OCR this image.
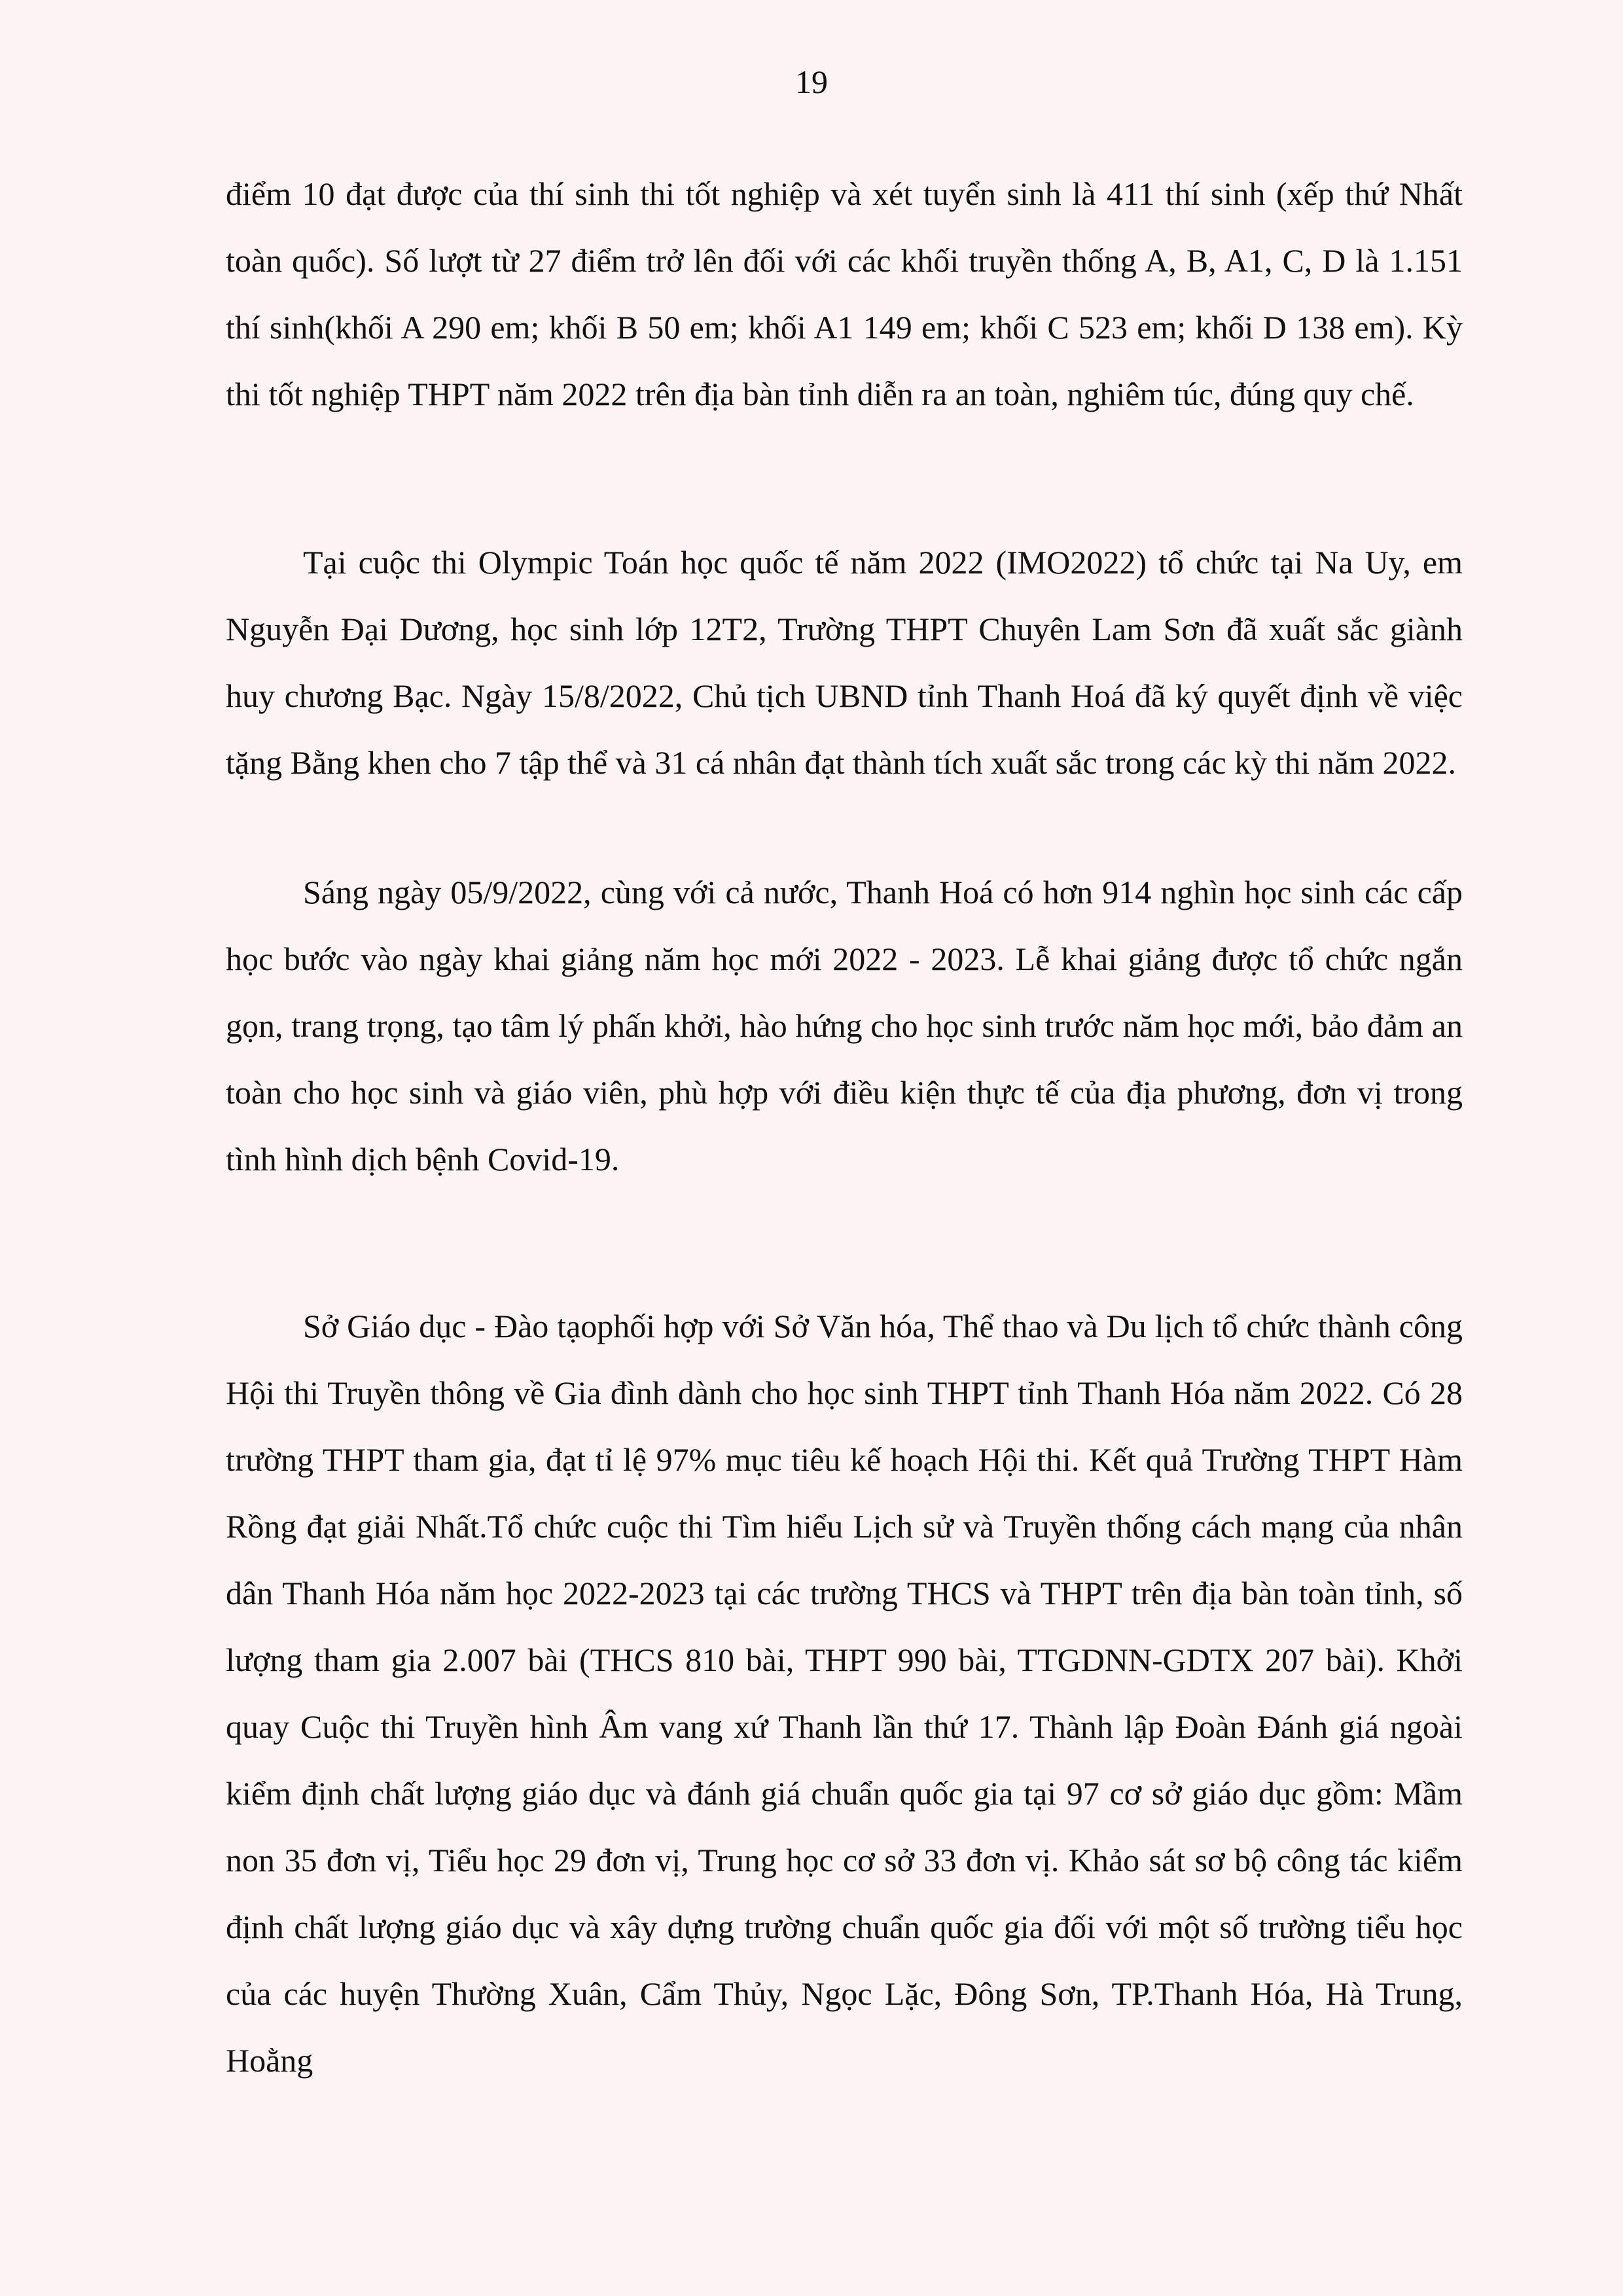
19

điểm 10 đạt được của thí sinh thi tốt nghiệp và xét tuyển sinh là 411 thí sinh (xếp thứ Nhất toàn quốc). Số lượt từ 27 điểm trở lên đối với các khối truyền thống A, B, A1, C, D là 1.151 thí sinh(khối A 290 em; khối B 50 em; khối A1 149 em; khối C 523 em; khối D 138 em). Kỳ thi tốt nghiệp THPT năm 2022 trên địa bàn tỉnh diễn ra an toàn, nghiêm túc, đúng quy chế.

Tại cuộc thi Olympic Toán học quốc tế năm 2022 (IMO2022) tổ chức tại Na Uy, em Nguyễn Đại Dương, học sinh lớp 12T2, Trường THPT Chuyên Lam Sơn đã xuất sắc giành huy chương Bạc. Ngày 15/8/2022, Chủ tịch UBND tỉnh Thanh Hoá đã ký quyết định về việc tặng Bằng khen cho 7 tập thể và 31 cá nhân đạt thành tích xuất sắc trong các kỳ thi năm 2022.

Sáng ngày 05/9/2022, cùng với cả nước, Thanh Hoá có hơn 914 nghìn học sinh các cấp học bước vào ngày khai giảng năm học mới 2022 - 2023. Lễ khai giảng được tổ chức ngắn gọn, trang trọng, tạo tâm lý phấn khởi, hào hứng cho học sinh trước năm học mới, bảo đảm an toàn cho học sinh và giáo viên, phù hợp với điều kiện thực tế của địa phương, đơn vị trong tình hình dịch bệnh Covid-19.

Sở Giáo dục - Đào tạophối hợp với Sở Văn hóa, Thể thao và Du lịch tổ chức thành công Hội thi Truyền thông về Gia đình dành cho học sinh THPT tỉnh Thanh Hóa năm 2022. Có 28 trường THPT tham gia, đạt tỉ lệ 97% mục tiêu kế hoạch Hội thi. Kết quả Trường THPT Hàm Rồng đạt giải Nhất.Tổ chức cuộc thi Tìm hiểu Lịch sử và Truyền thống cách mạng của nhân dân Thanh Hóa năm học 2022-2023 tại các trường THCS và THPT trên địa bàn toàn tỉnh, số lượng tham gia 2.007 bài (THCS 810 bài, THPT 990 bài, TTGDNN-GDTX 207 bài). Khởi quay Cuộc thi Truyền hình Âm vang xứ Thanh lần thứ 17. Thành lập Đoàn Đánh giá ngoài kiểm định chất lượng giáo dục và đánh giá chuẩn quốc gia tại 97 cơ sở giáo dục gồm: Mầm non 35 đơn vị, Tiểu học 29 đơn vị, Trung học cơ sở 33 đơn vị. Khảo sát sơ bộ công tác kiểm định chất lượng giáo dục và xây dựng trường chuẩn quốc gia đối với một số trường tiểu học của các huyện Thường Xuân, Cẩm Thủy, Ngọc Lặc, Đông Sơn, TP.Thanh Hóa, Hà Trung, Hoằng
